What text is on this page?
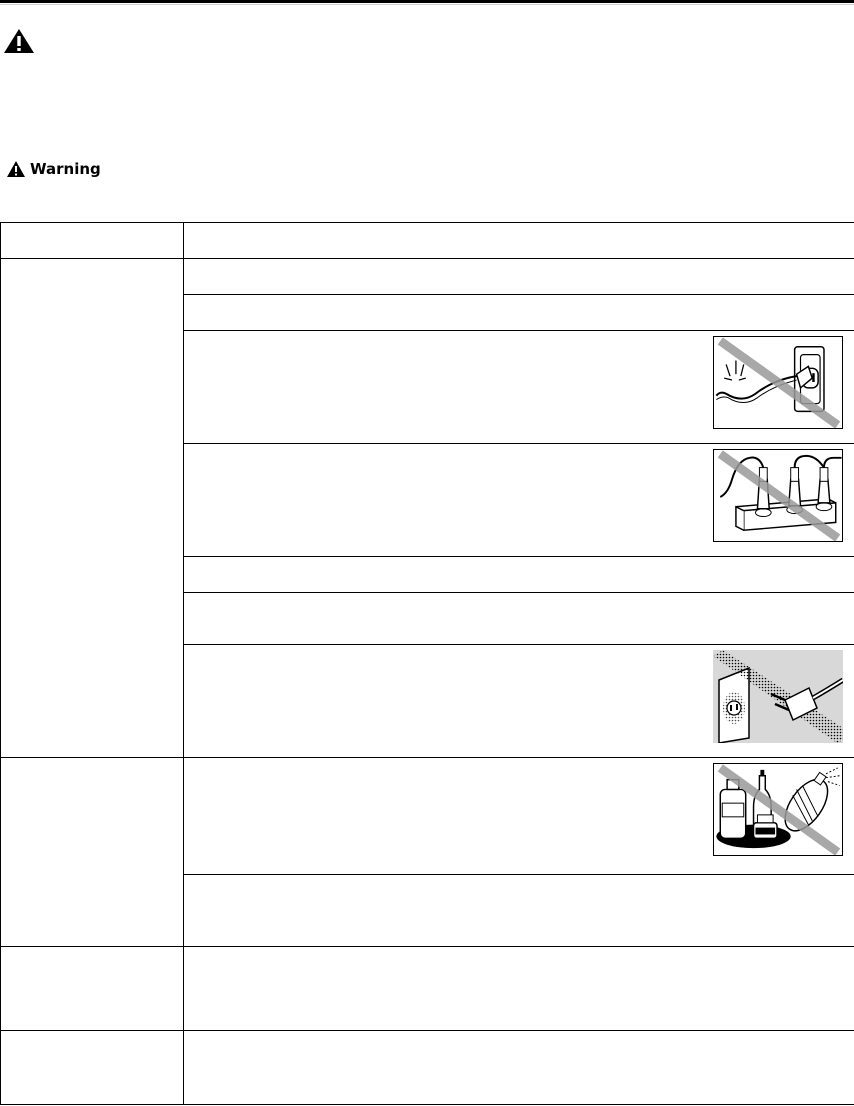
Warning
